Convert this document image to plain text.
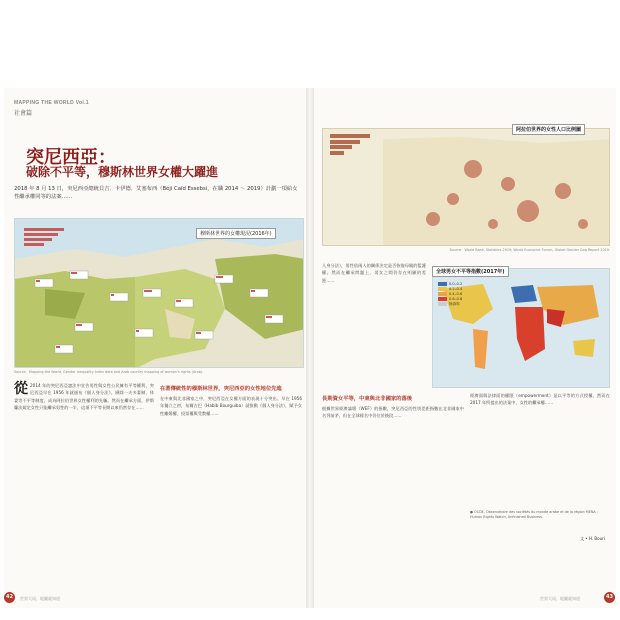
MAPPING THE WORLD Vol.1
社會篇
突尼西亞：
破除不平等，穆斯林世界女權大躍進
2018 年 8 月 13 日，突尼西亞總統貝吉．卡伊德．艾塞布西（Béji Caïd Essebsi，在職 2014 ～ 2019）計劃一項給女性繼承權同等的法案……
穆斯林世界的女權現況(2016年)
Source：Mapping the World, Gender Inequality Index data and Arab country mapping of women's rights (Arab).
從 2014 年的突尼西亞憲法中宣告男性與女性公民擁有平等權利，突尼西亞早在 1956 年就頒布《個人身分法》，廢除一夫多妻制、休妻等不平等制度，成為阿拉伯世界女性權利的先驅。然而在繼承方面，伊斯蘭法規定女性只能繼承男性的一半，這項不平等長期以來仍然存在……
在著傳統性的穆斯林世界，突尼西亞的女性地位先進
在中東與北非國家之中，突尼西亞在女權方面的表現十分突出。早在 1956 年獨立之初，布爾吉巴（Habib Bourguiba）就推動《個人身分法》，賦予女性離婚權、投票權與受教權……
42	世界大局，地圖就知道
阿拉伯世界的女性人口比例圖
Source：World Bank, Statistics 2019; World Economic Forum, Global Gender Gap Report 2019.
全球男女不平等指數(2017年)
0.0–0.2
0.2–0.4
0.4–0.6
0.6–0.8
無資料
人身分法），男性依兩人的關係決定是否恢復母親的監護權。然而在繼承問題上，男女之間仍存在明顯的差距……
長期資女平等，中東與北非國家的落後
根據世界經濟論壇（WEF）的指數，突尼西亞的性別差距指數在北非國家中名列前茅，但在全球排名中仍位於後段……
經濟面與法律面的權限（empowerment）是以平等的方式授權。然而在 2017 年所提出的法案中，女性的繼承權……
● OCDE, Observatoire des sociétés du monde arabe et de la région MENA ; Human Rights Watch, Unfinished Business.
文 • H. Bouri
世界大局，地圖就知道	43
